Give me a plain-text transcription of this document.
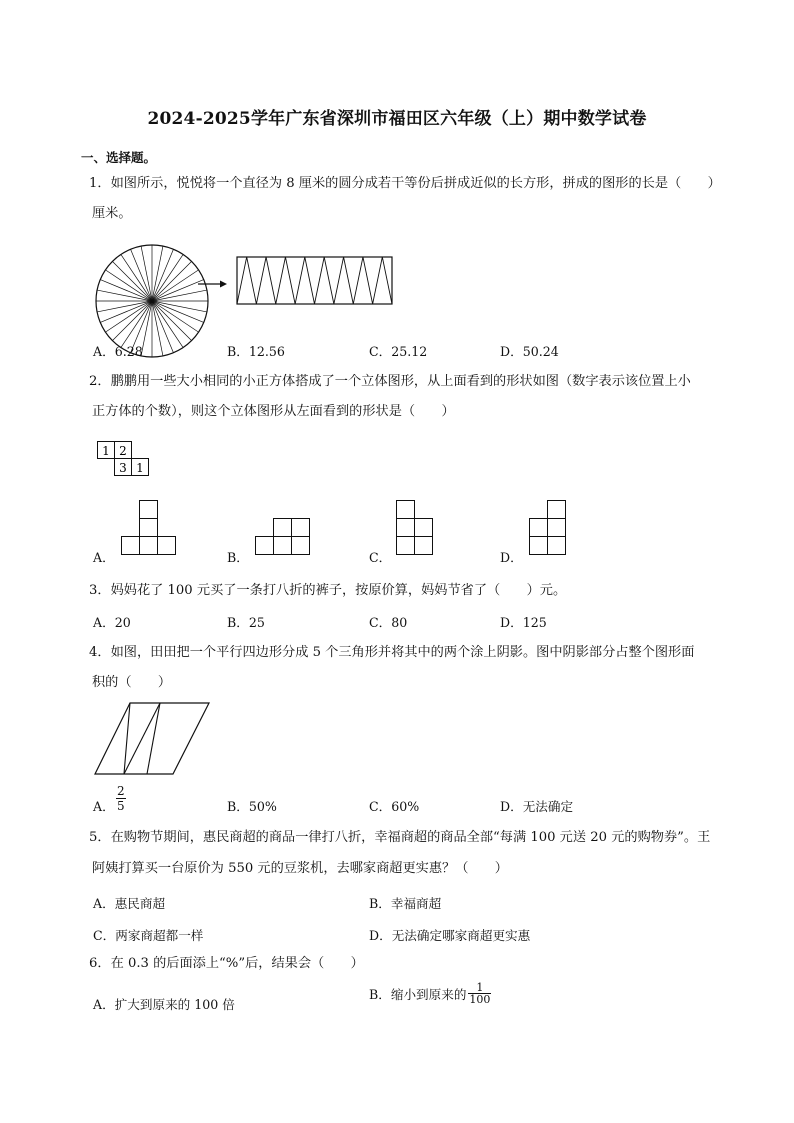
2024-2025学年广东省深圳市福田区六年级（上）期中数学试卷
一、选择题。
1．如图所示，悦悦将一个直径为 8 厘米的圆分成若干等份后拼成近似的长方形，拼成的图形的长是（　　）
厘米。
A．6.28	B．12.56	C．25.12	D．50.24
2．鹏鹏用一些大小相同的小正方体搭成了一个立体图形，从上面看到的形状如图（数字表示该位置上小
正方体的个数），则这个立体图形从左面看到的形状是（　　）
1 2
3 1
A．	B．	C．	D．
3．妈妈花了 100 元买了一条打八折的裤子，按原价算，妈妈节省了（　　）元。
A．20	B．25	C．80	D．125
4．如图，田田把一个平行四边形分成 5 个三角形并将其中的两个涂上阴影。图中阴影部分占整个图形面
积的（　　）
A． $\frac{2}{5}$	B．50%	C．60%	D．无法确定
5．在购物节期间，惠民商超的商品一律打八折，幸福商超的商品全部“每满 100 元送 20 元的购物券”。王
阿姨打算买一台原价为 550 元的豆浆机，去哪家商超更实惠？（　　）
A．惠民商超	B．幸福商超
C．两家商超都一样	D．无法确定哪家商超更实惠
6．在 0.3 的后面添上“%”后，结果会（　　）
A．扩大到原来的 100 倍
B．缩小到原来的 $\frac{1}{100}$
